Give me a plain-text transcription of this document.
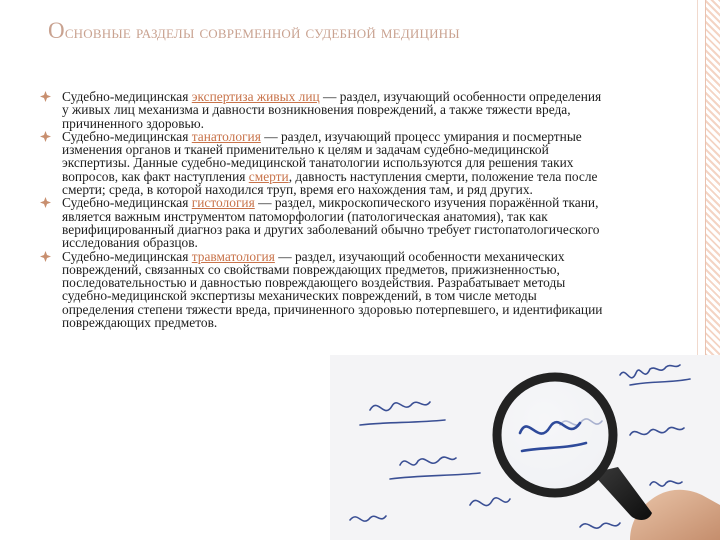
Основные разделы современной судебной медицины
Судебно-медицинская экспертиза живых лиц — раздел, изучающий особенности определения у живых лиц механизма и давности возникновения повреждений, а также тяжести вреда, причиненного здоровью.
Судебно-медицинская танатология — раздел, изучающий процесс умирания и посмертные изменения органов и тканей применительно к целям и задачам судебно-медицинской экспертизы. Данные судебно-медицинской танатологии используются для решения таких вопросов, как факт наступления смерти, давность наступления смерти, положение тела после смерти; среда, в которой находился труп, время его нахождения там, и ряд других.
Судебно-медицинская гистология — раздел, микроскопического изучения поражённой ткани, является важным инструментом патоморфологии (патологическая анатомия), так как верифицированный диагноз рака и других заболеваний обычно требует гистопатологического исследования образцов.
Судебно-медицинская травматология — раздел, изучающий особенности механических повреждений, связанных со свойствами повреждающих предметов, прижизненностью, последовательностью и давностью повреждающего воздействия. Разрабатывает методы судебно-медицинской экспертизы механических повреждений, в том числе методы определения степени тяжести вреда, причиненного здоровью потерпевшего, и идентификации повреждающих предметов.
